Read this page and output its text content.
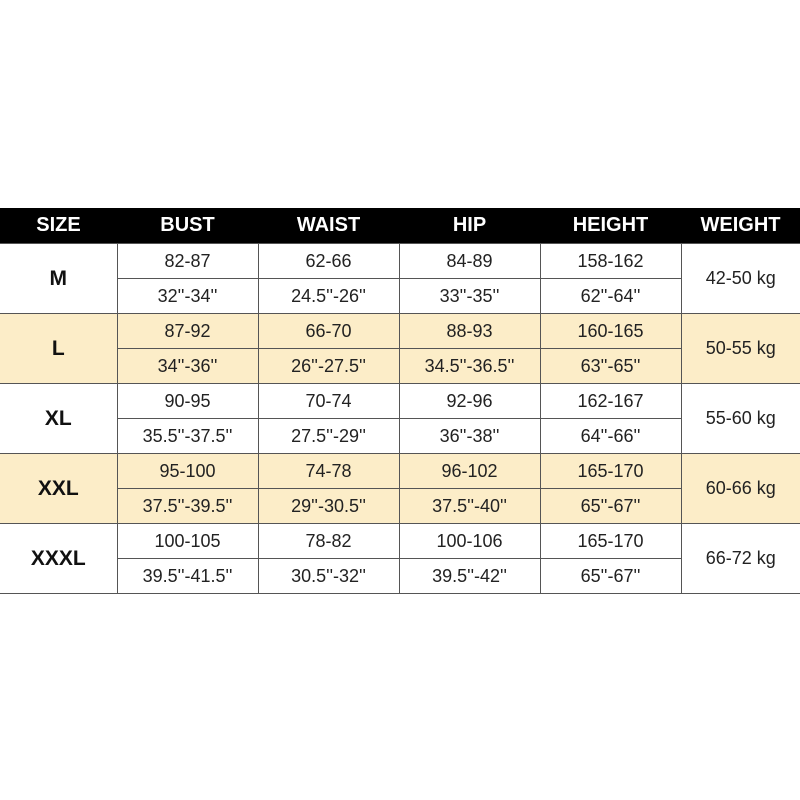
SIZE	BUST	WAIST	HIP	HEIGHT	WEIGHT
M	82-87	62-66	84-89	158-162	42-50 kg
	32''-34''	24.5''-26''	33''-35''	62''-64''	
L	87-92	66-70	88-93	160-165	50-55 kg
	34''-36''	26''-27.5''	34.5''-36.5''	63''-65''	
XL	90-95	70-74	92-96	162-167	55-60 kg
	35.5''-37.5''	27.5''-29''	36''-38''	64''-66''	
XXL	95-100	74-78	96-102	165-170	60-66 kg
	37.5''-39.5''	29''-30.5''	37.5''-40''	65''-67''	
XXXL	100-105	78-82	100-106	165-170	66-72 kg
	39.5''-41.5''	30.5''-32''	39.5''-42''	65''-67''	
